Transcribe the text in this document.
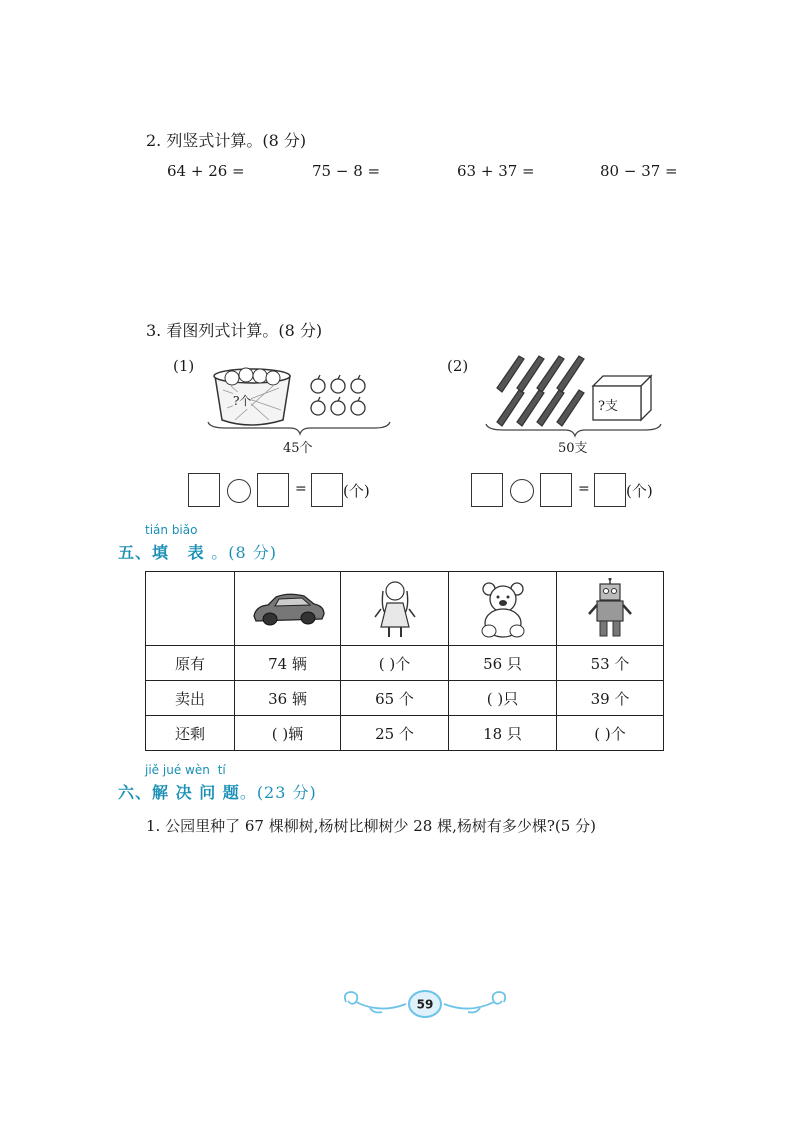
2. 列竖式计算。(8 分)
64 + 26 =	75 − 8 =	63 + 37 =	80 − 37 =
3. 看图列式计算。(8 分)
(1)
?个
45个
(2)
?支
50支
= (个)	= (个)
tián biǎo
五、填 表 。(8 分)

原有	74 辆	( )个	56 只	53 个
卖出	36 辆	65 个	( )只	39 个
还剩	( )辆	25 个	18 只	( )个
jiě jué wèn tí
六、解 决 问 题。(23 分)
1. 公园里种了 67 棵柳树,杨树比柳树少 28 棵,杨树有多少棵?(5 分)
59
